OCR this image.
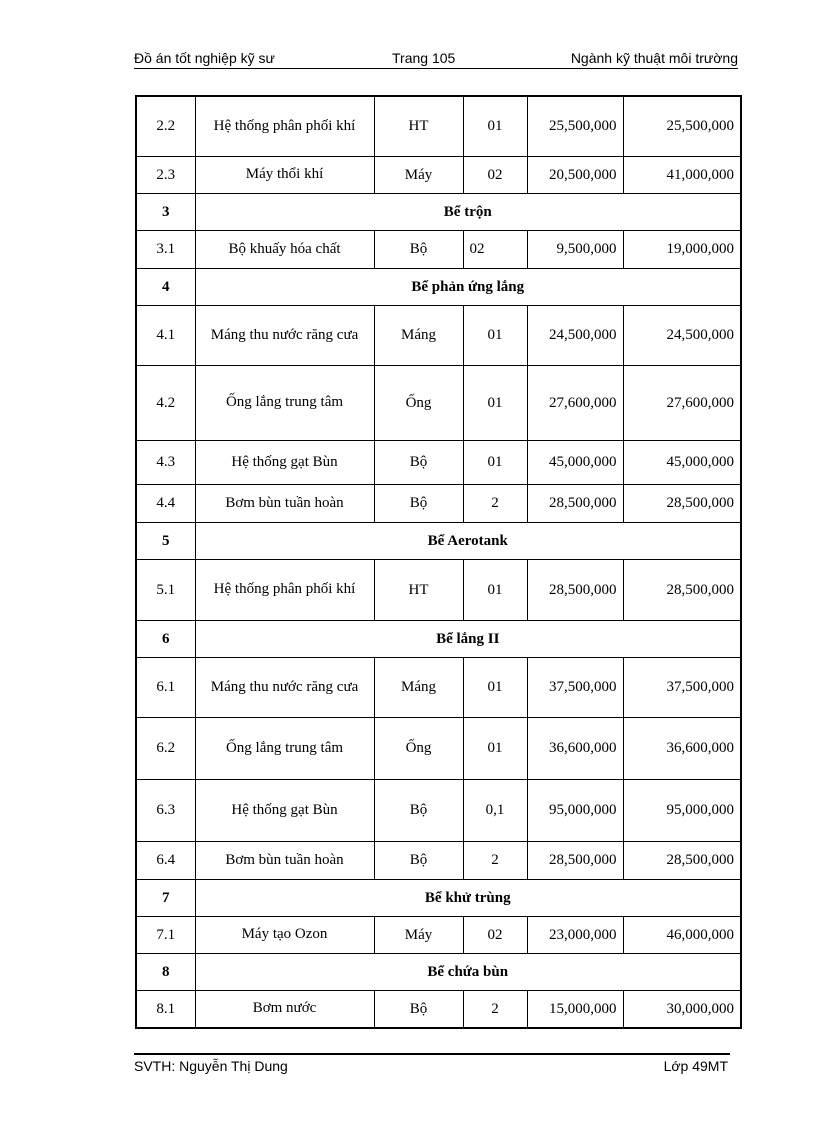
Đồ án tốt nghiệp kỹ sư	Trang 105	Ngành kỹ thuật môi trường
2.2	Hệ thống phân phối khí	HT	01	25,500,000	25,500,000
2.3	Máy thổi khí	Máy	02	20,500,000	41,000,000
3	Bể trộn				
3.1	Bộ khuấy hóa chất	Bộ	02	9,500,000	19,000,000
4	Bể phản ứng lắng				
4.1	Máng thu nước răng cưa	Máng	01	24,500,000	24,500,000
4.2	Ống lắng trung tâm	Ống	01	27,600,000	27,600,000
4.3	Hệ thống gạt Bùn	Bộ	01	45,000,000	45,000,000
4.4	Bơm bùn tuần hoàn	Bộ	2	28,500,000	28,500,000
5	Bể Aerotank				
5.1	Hệ thống phân phối khí	HT	01	28,500,000	28,500,000
6	Bể lắng II				
6.1	Máng thu nước răng cưa	Máng	01	37,500,000	37,500,000
6.2	Ống lắng trung tâm	Ống	01	36,600,000	36,600,000
6.3	Hệ thống gạt Bùn	Bộ	0,1	95,000,000	95,000,000
6.4	Bơm bùn tuần hoàn	Bộ	2	28,500,000	28,500,000
7	Bể khử trùng				
7.1	Máy tạo Ozon	Máy	02	23,000,000	46,000,000
8	Bể chứa bùn				
8.1	Bơm nước	Bộ	2	15,000,000	30,000,000
SVTH: Nguyễn Thị Dung	Lớp 49MT
